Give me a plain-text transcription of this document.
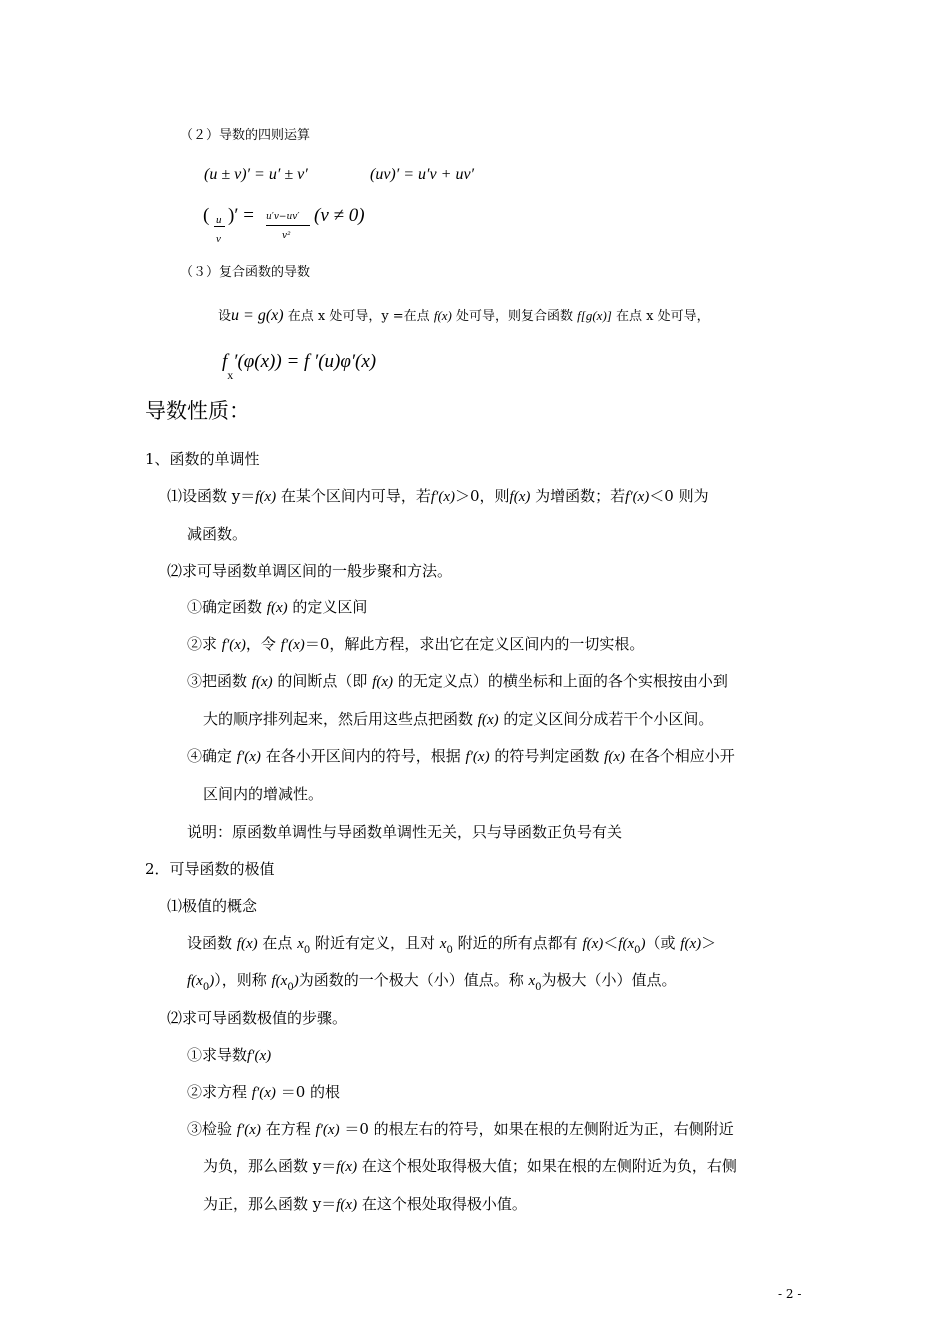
（２）导数的四则运算
(u ± v)′ = u′ ± v′	(uv)′ = u′v + uv′
( u
v
)′ = u′v−uv′
v²
(v ≠ 0)
（３）复合函数的导数
设u = g(x) 在点 x 处可导，y =在点 f(x) 处可导，则复合函数 f[g(x)] 在点 x 处可导，
$f_x'(\varphi(x)) = f$ ′(u)φ′(x)
导数性质：
1、函数的单调性
⑴设函数 y＝f(x) 在某个区间内可导，若f′(x)＞0，则f(x) 为增函数；若f′(x)＜0 则为
减函数。
⑵求可导函数单调区间的一般步聚和方法。
①确定函数 f(x) 的定义区间
②求 f′(x)，令 f′(x)＝0，解此方程，求出它在定义区间内的一切实根。
③把函数 f(x) 的间断点（即 f(x) 的无定义点）的横坐标和上面的各个实根按由小到
大的顺序排列起来，然后用这些点把函数 f(x) 的定义区间分成若干个小区间。
④确定 f′(x) 在各小开区间内的符号，根据 f′(x) 的符号判定函数 f(x) 在各个相应小开
区间内的增减性。
说明：原函数单调性与导函数单调性无关，只与导函数正负号有关
2．可导函数的极值
⑴极值的概念
设函数 f(x) 在点 $x_0$ 附近有定义，且对 $x_0$ 附近的所有点都有 $f(x)<f(x_0)$（或 f(x)＞
$f(x_0)$），则称 $f(x_0)$为函数的一个极大（小）值点。称 $x_0$为极大（小）值点。
⑵求可导函数极值的步骤。
①求导数f′(x)
②求方程 f′(x) ＝0 的根
③检验 f′(x) 在方程 f′(x) ＝0 的根左右的符号，如果在根的左侧附近为正，右侧附近
为负，那么函数 y＝f(x) 在这个根处取得极大值；如果在根的左侧附近为负，右侧
为正，那么函数 y＝f(x) 在这个根处取得极小值。
- 2 -
